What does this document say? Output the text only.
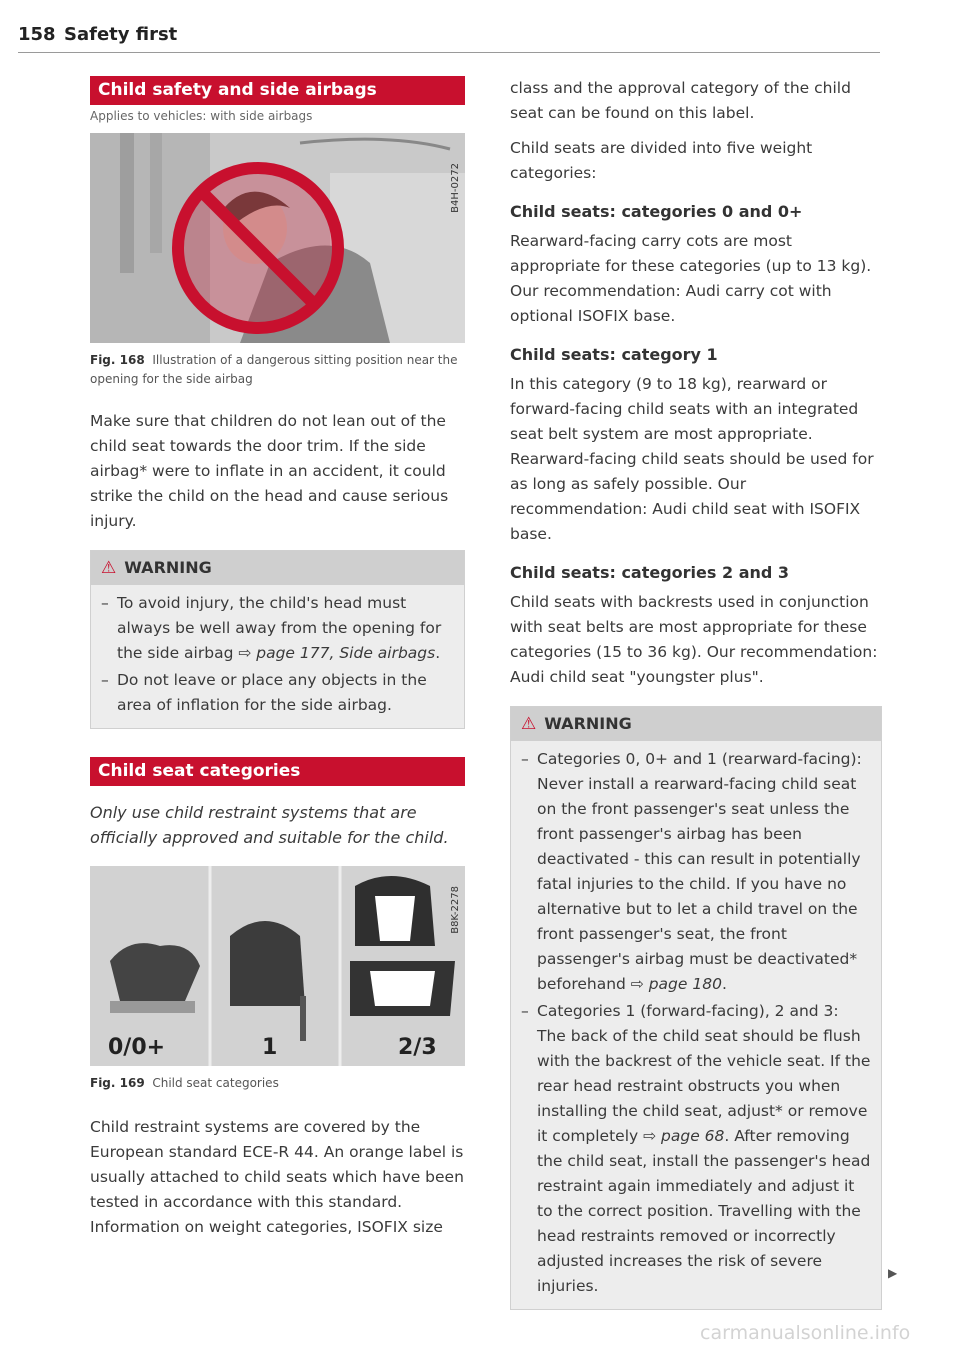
158 Safety first
Child safety and side airbags
Applies to vehicles: with side airbags
B4H-0272
Fig. 168 Illustration of a dangerous sitting position near the opening for the side airbag

Make sure that children do not lean out of the child seat towards the door trim. If the side airbag* were to inflate in an accident, it could strike the child on the head and cause serious injury.

⚠ WARNING
– To avoid injury, the child's head must always be well away from the opening for the side airbag ⇨ page 177, Side airbags.
– Do not leave or place any objects in the area of inflation for the side airbag.
Child seat categories

Only use child restraint systems that are officially approved and suitable for the child.

B8K-2278
0/0+	1	2/3
Fig. 169 Child seat categories

Child restraint systems are covered by the European standard ECE-R 44. An orange label is usually attached to child seats which have been tested in accordance with this standard. Information on weight categories, ISOFIX size

class and the approval category of the child seat can be found on this label.

Child seats are divided into five weight categories:

Child seats: categories 0 and 0+

Rearward-facing carry cots are most appropriate for these categories (up to 13 kg). Our recommendation: Audi carry cot with optional ISOFIX base.

Child seats: category 1

In this category (9 to 18 kg), rearward or forward-facing child seats with an integrated seat belt system are most appropriate. Rearward-facing child seats should be used for as long as safely possible. Our recommendation: Audi child seat with ISOFIX base.

Child seats: categories 2 and 3

Child seats with backrests used in conjunction with seat belts are most appropriate for these categories (15 to 36 kg). Our recommendation: Audi child seat "youngster plus".

⚠ WARNING
– Categories 0, 0+ and 1 (rearward-facing): Never install a rearward-facing child seat on the front passenger's seat unless the front passenger's airbag has been deactivated - this can result in potentially fatal injuries to the child. If you have no alternative but to let a child travel on the front passenger's seat, the front passenger's airbag must be deactivated* beforehand ⇨ page 180.
– Categories 1 (forward-facing), 2 and 3: The back of the child seat should be flush with the backrest of the vehicle seat. If the rear head restraint obstructs you when installing the child seat, adjust* or remove it completely ⇨ page 68. After removing the child seat, install the passenger's head restraint again immediately and adjust it to the correct position. Travelling with the head restraints removed or incorrectly adjusted increases the risk of severe injuries.
▶
carmanualsonline.info
